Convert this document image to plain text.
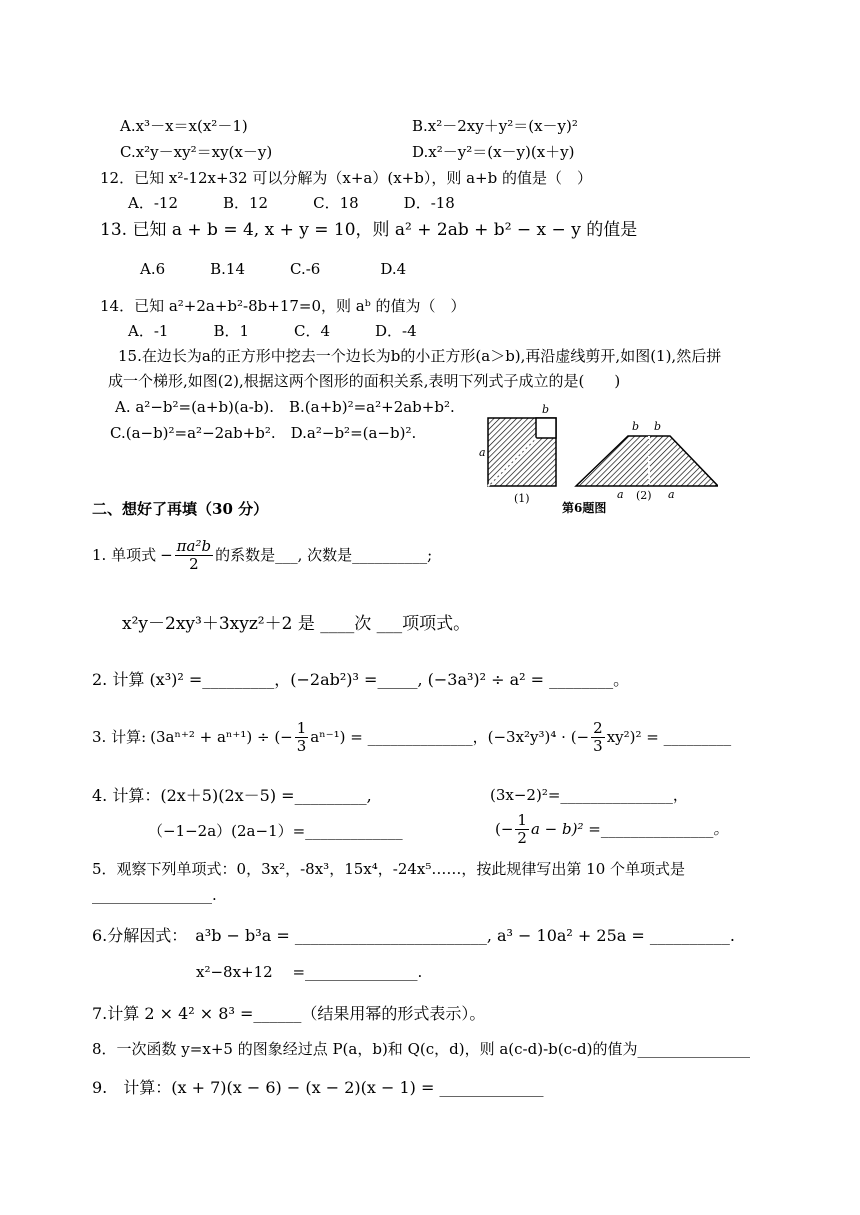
A.x³－x＝x(x²－1)	B.x²－2xy＋y²＝(x－y)²
C.x²y－xy²＝xy(x－y)	D.x²－y²＝(x－y)(x＋y)
12．已知 x²-12x+32 可以分解为（x+a）(x+b），则 a+b 的值是（　）
A．-12　　　B．12　　　C．18　　　D．-18
13. 已知 a + b = 4, x + y = 10，则 a² + 2ab + b² − x − y 的值是
A.6　　　B.14　　　C.-6　　　　D.4
14．已知 a²+2a+b²-8b+17=0，则 aᵇ 的值为（　）
A．-1　　　B．1　　　C．4　　　D．-4
15.在边长为a的正方形中挖去一个边长为b的小正方形(a＞b),再沿虚线剪开,如图(1),然后拼
成一个梯形,如图(2),根据这两个图形的面积关系,表明下列式子成立的是(　　)
A. a²−b²=(a+b)(a-b).　B.(a+b)²=a²+2ab+b².
C.(a−b)²=a²−2ab+b².　D.a²−b²=(a−b)².
a
b
(1)
b b
a	a
(2)
第6题图
二、想好了再填（30 分）
1. 单项式 − $\frac{\text{πa²b}}{2}$ 的系数是___, 次数是__________;
x²y－2xy³＋3xyz²＋2 是 ____次 ___项项式。
2. 计算 (x³)² =_________，(−2ab²)³ =_____, (−3a³)² ÷ a² = ________。
3. 计算: (3aⁿ⁺² + aⁿ⁺¹) ÷ (− $\frac{1}{3} a^{n-1}$) = ______________，(−3x²y³)⁴ · (− $\frac{2}{3} xy^2)^2$ = _________
4. 计算：(2x＋5)(2x－5) =_________,	(3x−2)²=_______________，
（−1−2a）(2a−1）=_____________	(− $\frac{1}{2}$ a − b)² =_______________。
5．观察下列单项式：0，3x²，-8x³，15x⁴，-24x⁵……，按此规律写出第 10 个单项式是
________________.
6.分解因式：　a³b − b³a = ________________________, a³ − 10a² + 25a = __________.
x²−8x+12　 =_______________.
7.计算 2 × 4² × 8³ =______（结果用幂的形式表示）。
8．一次函数 y=x+5 的图象经过点 P(a，b)和 Q(c，d)，则 a(c-d)-b(c-d)的值为_______________
9.　计算：(x + 7)(x − 6) − (x − 2)(x − 1) = _____________
